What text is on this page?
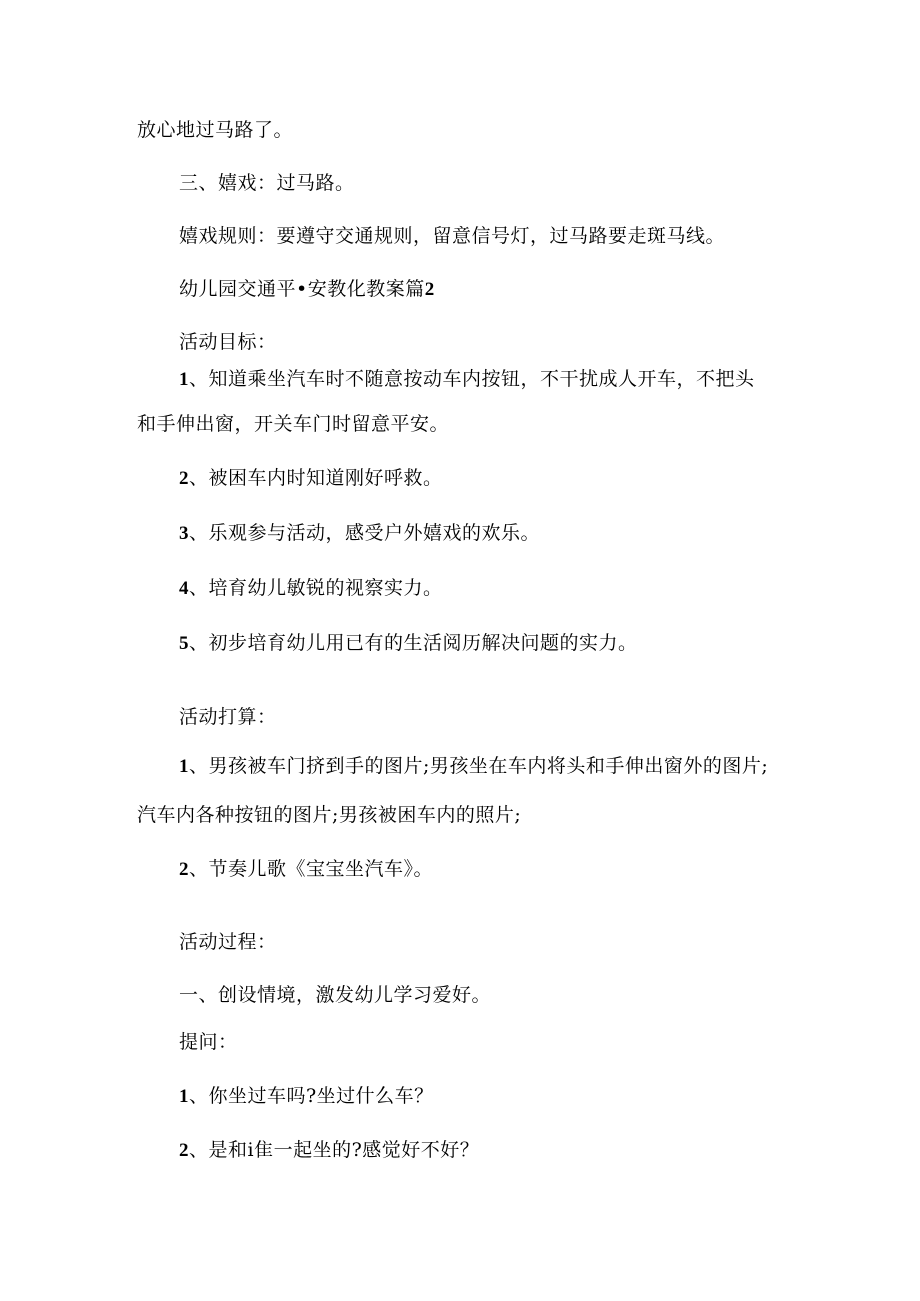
放心地过马路了。
三、嬉戏：过马路。
嬉戏规则：要遵守交通规则，留意信号灯，过马路要走斑马线。
幼儿园交通平•安教化教案篇2
活动目标：
1、知道乘坐汽车时不随意按动车内按钮，不干扰成人开车，不把头
和手伸出窗，开关车门时留意平安。
2、被困车内时知道刚好呼救。
3、乐观参与活动，感受户外嬉戏的欢乐。
4、培育幼儿敏锐的视察实力。
5、初步培育幼儿用已有的生活阅历解决问题的实力。
活动打算：
1、男孩被车门挤到手的图片;男孩坐在车内将头和手伸出窗外的图片;
汽车内各种按钮的图片;男孩被困车内的照片;
2、节奏儿歌《宝宝坐汽车》。
活动过程：
一、创设情境，激发幼儿学习爱好。
提问：
1、你坐过车吗?坐过什么车？
2、是和i隹一起坐的?感觉好不好？
